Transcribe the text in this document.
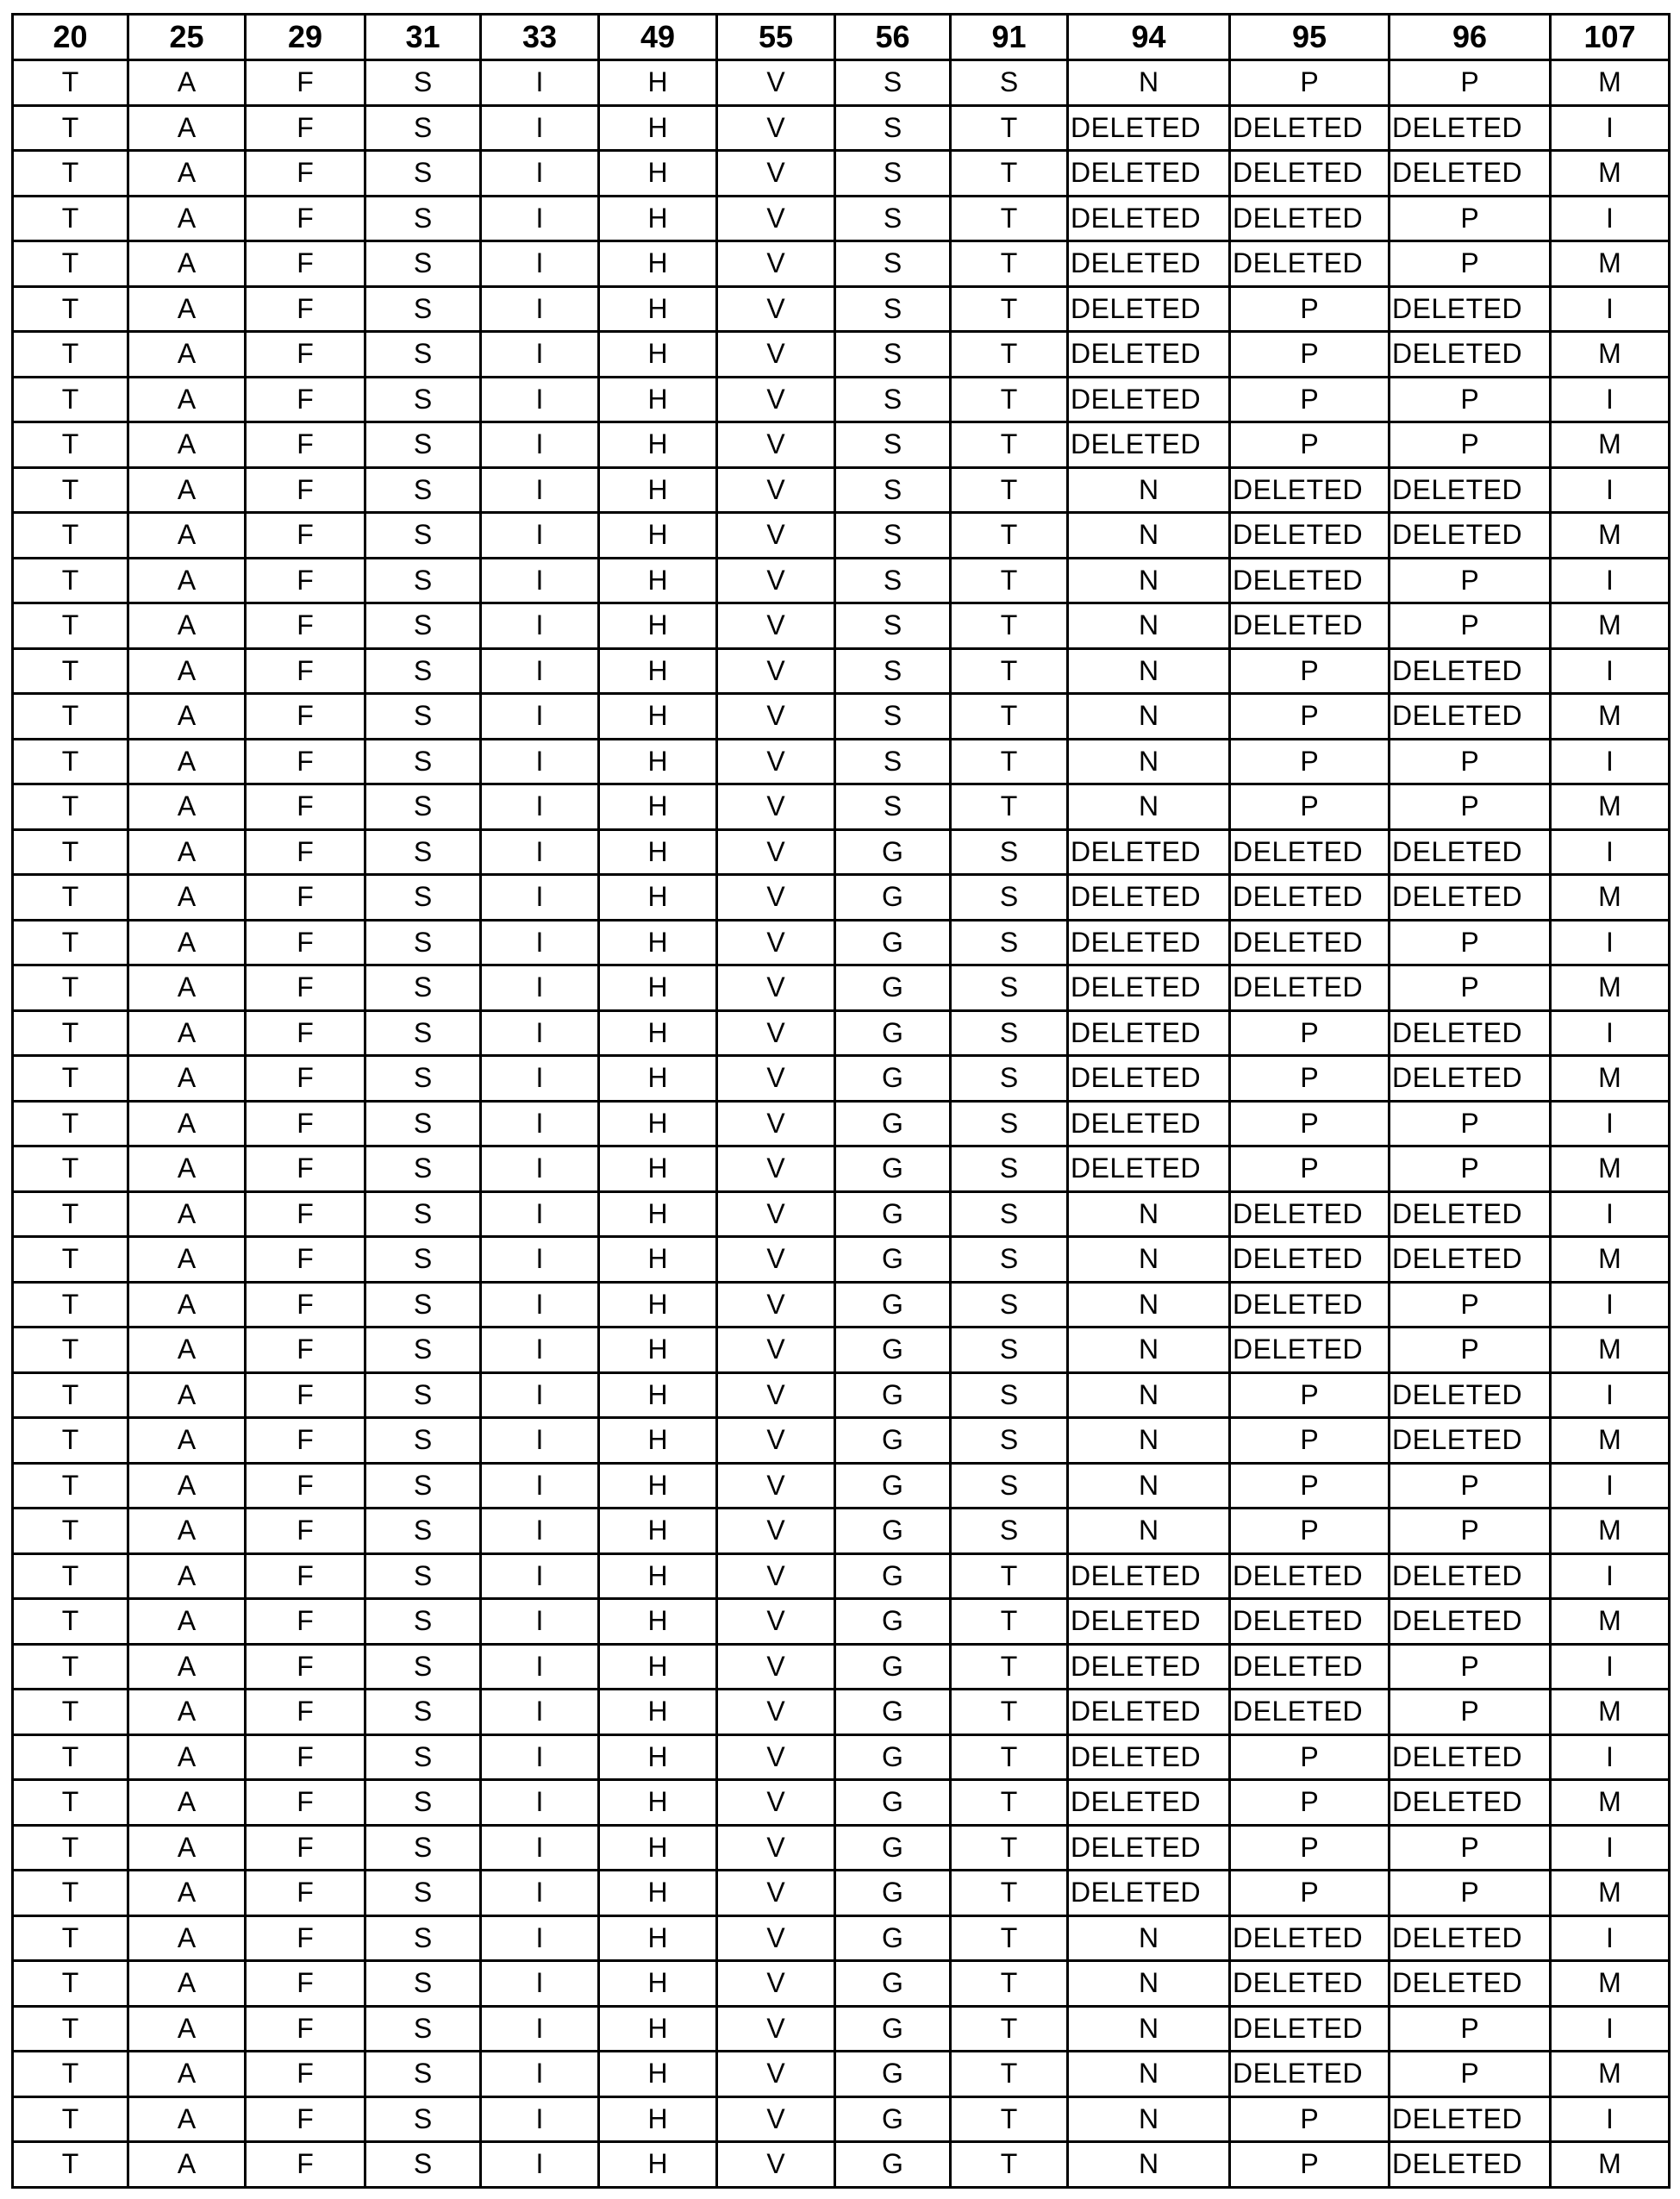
20	25	29	31	33	49	55	56	91	94	95	96	107
T	A	F	S	I	H	V	S	S	N	P	P	M
T	A	F	S	I	H	V	S	T	DELETED	DELETED	DELETED	I
T	A	F	S	I	H	V	S	T	DELETED	DELETED	DELETED	M
T	A	F	S	I	H	V	S	T	DELETED	DELETED	P	I
T	A	F	S	I	H	V	S	T	DELETED	DELETED	P	M
T	A	F	S	I	H	V	S	T	DELETED	P	DELETED	I
T	A	F	S	I	H	V	S	T	DELETED	P	DELETED	M
T	A	F	S	I	H	V	S	T	DELETED	P	P	I
T	A	F	S	I	H	V	S	T	DELETED	P	P	M
T	A	F	S	I	H	V	S	T	N	DELETED	DELETED	I
T	A	F	S	I	H	V	S	T	N	DELETED	DELETED	M
T	A	F	S	I	H	V	S	T	N	DELETED	P	I
T	A	F	S	I	H	V	S	T	N	DELETED	P	M
T	A	F	S	I	H	V	S	T	N	P	DELETED	I
T	A	F	S	I	H	V	S	T	N	P	DELETED	M
T	A	F	S	I	H	V	S	T	N	P	P	I
T	A	F	S	I	H	V	S	T	N	P	P	M
T	A	F	S	I	H	V	G	S	DELETED	DELETED	DELETED	I
T	A	F	S	I	H	V	G	S	DELETED	DELETED	DELETED	M
T	A	F	S	I	H	V	G	S	DELETED	DELETED	P	I
T	A	F	S	I	H	V	G	S	DELETED	DELETED	P	M
T	A	F	S	I	H	V	G	S	DELETED	P	DELETED	I
T	A	F	S	I	H	V	G	S	DELETED	P	DELETED	M
T	A	F	S	I	H	V	G	S	DELETED	P	P	I
T	A	F	S	I	H	V	G	S	DELETED	P	P	M
T	A	F	S	I	H	V	G	S	N	DELETED	DELETED	I
T	A	F	S	I	H	V	G	S	N	DELETED	DELETED	M
T	A	F	S	I	H	V	G	S	N	DELETED	P	I
T	A	F	S	I	H	V	G	S	N	DELETED	P	M
T	A	F	S	I	H	V	G	S	N	P	DELETED	I
T	A	F	S	I	H	V	G	S	N	P	DELETED	M
T	A	F	S	I	H	V	G	S	N	P	P	I
T	A	F	S	I	H	V	G	S	N	P	P	M
T	A	F	S	I	H	V	G	T	DELETED	DELETED	DELETED	I
T	A	F	S	I	H	V	G	T	DELETED	DELETED	DELETED	M
T	A	F	S	I	H	V	G	T	DELETED	DELETED	P	I
T	A	F	S	I	H	V	G	T	DELETED	DELETED	P	M
T	A	F	S	I	H	V	G	T	DELETED	P	DELETED	I
T	A	F	S	I	H	V	G	T	DELETED	P	DELETED	M
T	A	F	S	I	H	V	G	T	DELETED	P	P	I
T	A	F	S	I	H	V	G	T	DELETED	P	P	M
T	A	F	S	I	H	V	G	T	N	DELETED	DELETED	I
T	A	F	S	I	H	V	G	T	N	DELETED	DELETED	M
T	A	F	S	I	H	V	G	T	N	DELETED	P	I
T	A	F	S	I	H	V	G	T	N	DELETED	P	M
T	A	F	S	I	H	V	G	T	N	P	DELETED	I
T	A	F	S	I	H	V	G	T	N	P	DELETED	M
